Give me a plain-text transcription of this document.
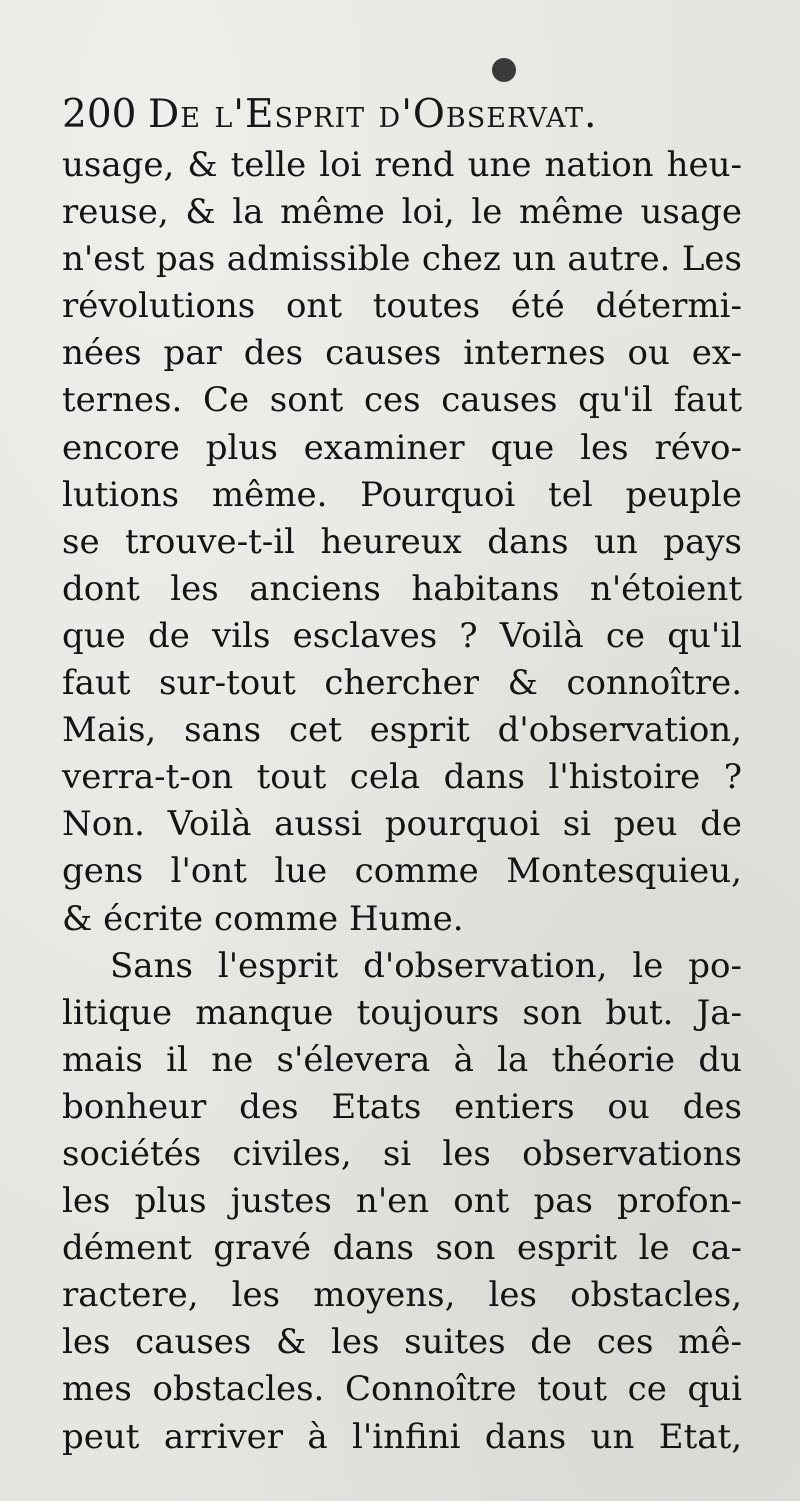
200 De l'Esprit d'Observat.
usage, & telle loi rend une nation heu-
reuse, & la même loi, le même usage
n'est pas admissible chez un autre. Les
révolutions ont toutes été détermi-
nées par des causes internes ou ex-
ternes. Ce sont ces causes qu'il faut
encore plus examiner que les révo-
lutions même. Pourquoi tel peuple
se trouve-t-il heureux dans un pays
dont les anciens habitans n'étoient
que de vils esclaves ? Voilà ce qu'il
faut sur-tout chercher & connoître.
Mais, sans cet esprit d'observation,
verra-t-on tout cela dans l'histoire ?
Non. Voilà aussi pourquoi si peu de
gens l'ont lue comme Montesquieu,
& écrite comme Hume.
Sans l'esprit d'observation, le po-
litique manque toujours son but. Ja-
mais il ne s'élevera à la théorie du
bonheur des Etats entiers ou des
sociétés civiles, si les observations
les plus justes n'en ont pas profon-
dément gravé dans son esprit le ca-
ractere, les moyens, les obstacles,
les causes & les suites de ces mê-
mes obstacles. Connoître tout ce qui
peut arriver à l'infini dans un Etat,
